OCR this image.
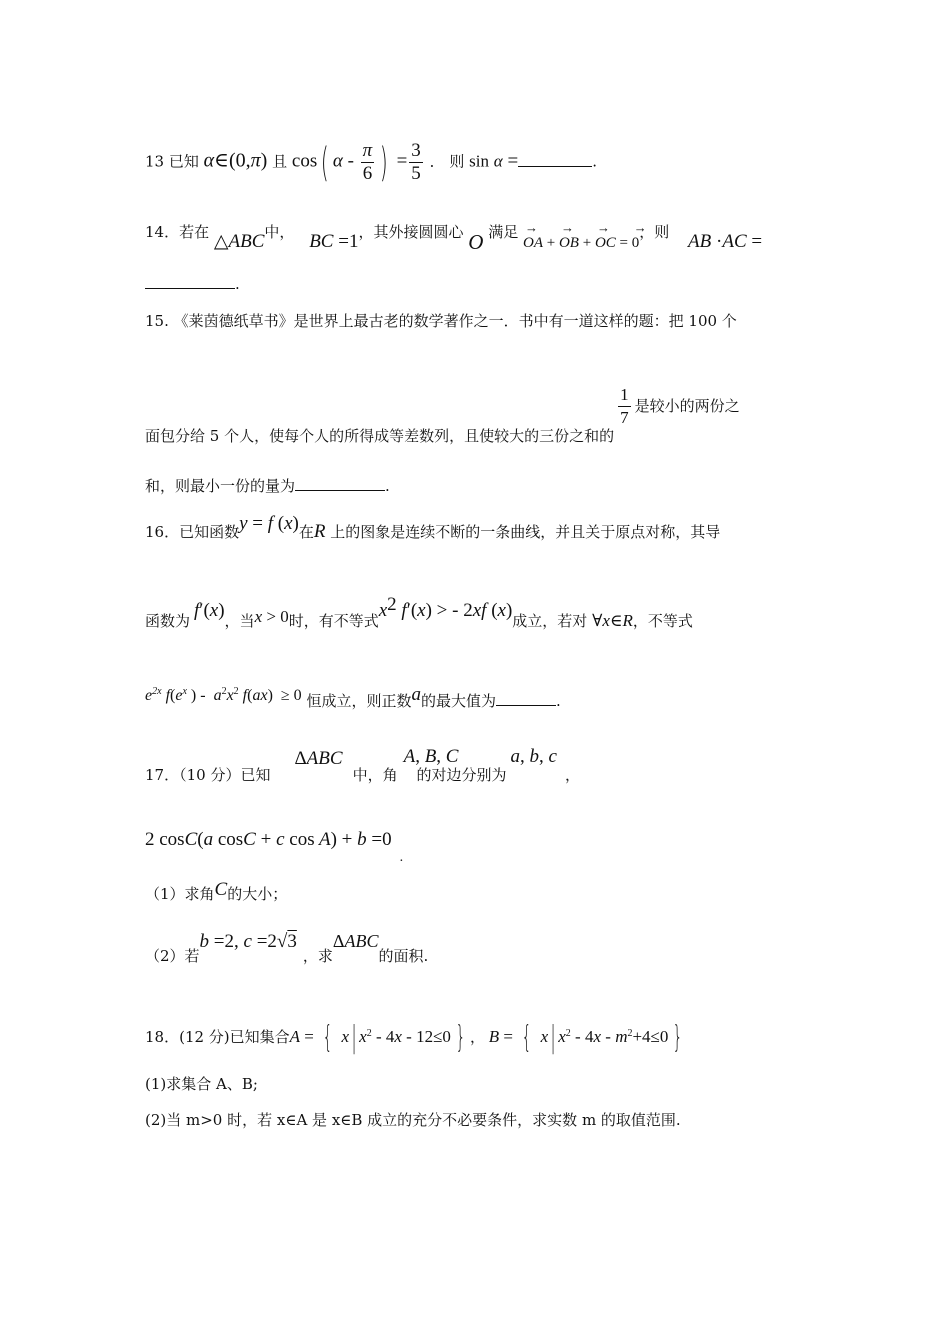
13 已知 α∈(0,π) 且 cos( α - $\frac{\pi}{6}$ ) = $\frac{3}{5}$ ． 则 sin α =	.
14．若在 △ABC中， BC =1，其外接圆圆心 O 满足 → OA + → OB + → OC = → 0，则 AB ·AC =
.
15. 《莱茵德纸草书》是世界上最古老的数学著作之一．书中有一道这样的题：把 100 个
面包分给 5 个人，使每个人的所得成等差数列，且使较大的三份之和的
$\frac{1}{7}$ 是较小的两份之
和，则最小一份的量为	.
16．已知函数y = f (x)在R 上的图象是连续不断的一条曲线，并且关于原点对称，其导
函数为 f′(x)，当x > 0时，有不等式$x^2$ f′(x) > - 2xf (x)成立，若对 ∀x∈R，不等式
$e^{2x}$ $f(e^x$ ) -  $a^2x^2$ f(ax)  ≥ 0 恒成立，则正数a的最大值为	.
17．（10 分）已知ΔABC中，角A, B, C的对边分别为a, b, c，
2 cosC(a cosC + c cos A) + b =0.
（1）求角C的大小；
（2）若b =2, c =2√3，求ΔABC的面积.
18．(12 分)已知集合A = { x| $x^2 - 4x - 12\le 0$ } ， B = { x| $x^2 - 4x - m^2+4\le 0$ }
(1)求集合 A、B;
(2)当 m>0 时，若 x∈A 是 x∈B 成立的充分不必要条件，求实数 m 的取值范围.
